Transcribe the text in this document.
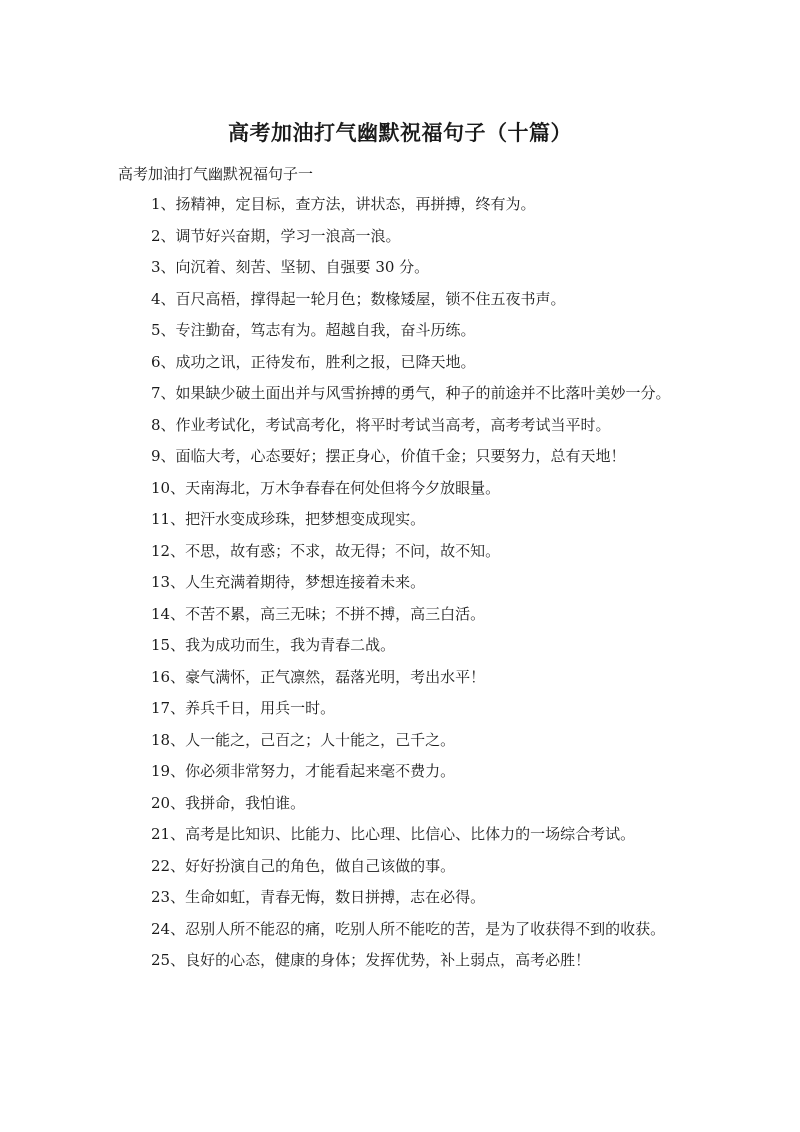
高考加油打气幽默祝福句子（十篇）

高考加油打气幽默祝福句子一

1、扬精神，定目标，查方法，讲状态，再拼搏，终有为。
2、调节好兴奋期，学习一浪高一浪。
3、向沉着、刻苦、坚韧、自强要 30 分。
4、百尺高梧，撑得起一轮月色；数椽矮屋，锁不住五夜书声。
5、专注勤奋，笃志有为。超越自我，奋斗历练。
6、成功之讯，正待发布，胜利之报，已降天地。
7、如果缺少破土面出并与风雪拚搏的勇气，种子的前途并不比落叶美妙一分。
8、作业考试化，考试高考化，将平时考试当高考，高考考试当平时。
9、面临大考，心态要好；摆正身心，价值千金；只要努力，总有天地！
10、天南海北，万木争春春在何处但将今夕放眼量。
11、把汗水变成珍珠，把梦想变成现实。
12、不思，故有惑；不求，故无得；不问，故不知。
13、人生充满着期待，梦想连接着未来。
14、不苦不累，高三无味；不拼不搏，高三白活。
15、我为成功而生，我为青春二战。
16、豪气满怀，正气凛然，磊落光明，考出水平！
17、养兵千日，用兵一时。
18、人一能之，己百之；人十能之，己千之。
19、你必须非常努力，才能看起来毫不费力。
20、我拼命，我怕谁。
21、高考是比知识、比能力、比心理、比信心、比体力的一场综合考试。
22、好好扮演自己的角色，做自己该做的事。
23、生命如虹，青春无悔，数日拼搏，志在必得。
24、忍别人所不能忍的痛，吃别人所不能吃的苦，是为了收获得不到的收获。
25、良好的心态，健康的身体；发挥优势，补上弱点，高考必胜！
